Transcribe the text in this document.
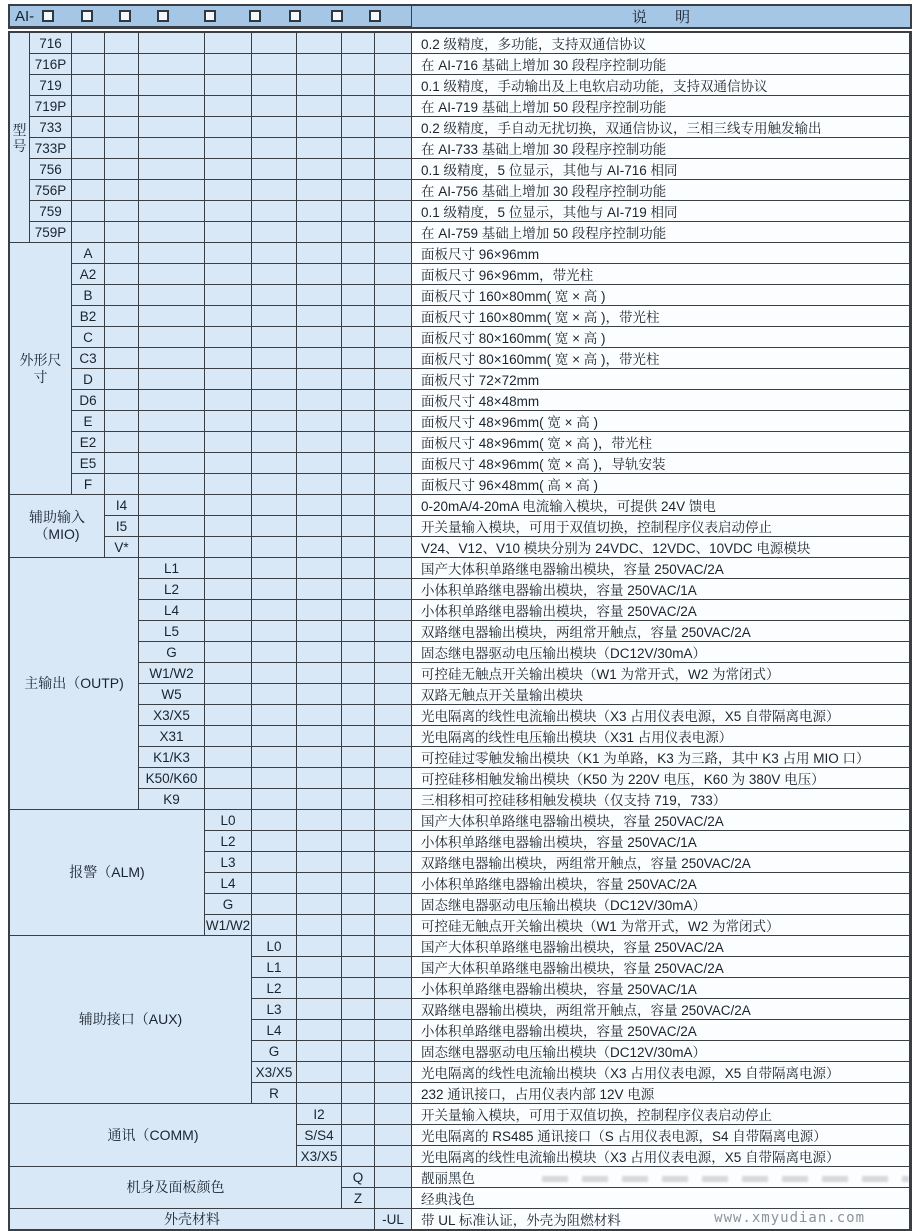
AI-	说 明
型号
716	0.2 级精度，多功能，支持双通信协议
716P	在 AI-716 基础上增加 30 段程序控制功能
719	0.1 级精度，手动输出及上电软启动功能，支持双通信协议
719P	在 AI-719 基础上增加 50 段程序控制功能
733	0.2 级精度，手自动无扰切换，双通信协议，三相三线专用触发输出
733P	在 AI-733 基础上增加 30 段程序控制功能
756	0.1 级精度，5 位显示，其他与 AI-716 相同
756P	在 AI-756 基础上增加 30 段程序控制功能
759	0.1 级精度，5 位显示，其他与 AI-719 相同
759P	在 AI-759 基础上增加 50 段程序控制功能
外形尺寸
A	面板尺寸 96×96mm
A2	面板尺寸 96×96mm，带光柱
B	面板尺寸 160×80mm( 宽 × 高 )
B2	面板尺寸 160×80mm( 宽 × 高 )，带光柱
C	面板尺寸 80×160mm( 宽 × 高 )
C3	面板尺寸 80×160mm( 宽 × 高 )，带光柱
D	面板尺寸 72×72mm
D6	面板尺寸 48×48mm
E	面板尺寸 48×96mm( 宽 × 高 )
E2	面板尺寸 48×96mm( 宽 × 高 )，带光柱
E5	面板尺寸 48×96mm( 宽 × 高 )，导轨安装
F	面板尺寸 96×48mm( 高 × 高 )
辅助输入
（MIO)
I4	0-20mA/4-20mA 电流输入模块，可提供 24V 馈电
I5	开关量输入模块，可用于双值切换，控制程序仪表启动停止
V*	V24、V12、V10 模块分别为 24VDC、12VDC、10VDC 电源模块
主输出（OUTP)
L1	国产大体积单路继电器输出模块，容量 250VAC/2A
L2	小体积单路继电器输出模块，容量 250VAC/1A
L4	小体积单路继电器输出模块，容量 250VAC/2A
L5	双路继电器输出模块，两组常开触点，容量 250VAC/2A
G	固态继电器驱动电压输出模块（DC12V/30mA）
W1/W2	可控硅无触点开关输出模块（W1 为常开式，W2 为常闭式）
W5	双路无触点开关量输出模块
X3/X5	光电隔离的线性电流输出模块（X3 占用仪表电源，X5 自带隔离电源）
X31	光电隔离的线性电压输出模块（X31 占用仪表电源）
K1/K3	可控硅过零触发输出模块（K1 为单路，K3 为三路，其中 K3 占用 MIO 口）
K50/K60	可控硅移相触发输出模块（K50 为 220V 电压，K60 为 380V 电压）
K9	三相移相可控硅移相触发模块（仅支持 719，733）
报警（ALM)
L0	国产大体积单路继电器输出模块，容量 250VAC/2A
L2	小体积单路继电器输出模块，容量 250VAC/1A
L3	双路继电器输出模块，两组常开触点，容量 250VAC/2A
L4	小体积单路继电器输出模块，容量 250VAC/2A
G	固态继电器驱动电压输出模块（DC12V/30mA）
W1/W2	可控硅无触点开关输出模块（W1 为常开式，W2 为常闭式）
辅助接口（AUX)
L0	国产大体积单路继电器输出模块，容量 250VAC/2A
L1	国产大体积单路继电器输出模块，容量 250VAC/2A
L2	小体积单路继电器输出模块，容量 250VAC/1A
L3	双路继电器输出模块，两组常开触点，容量 250VAC/2A
L4	小体积单路继电器输出模块，容量 250VAC/2A
G	固态继电器驱动电压输出模块（DC12V/30mA）
X3/X5	光电隔离的线性电流输出模块（X3 占用仪表电源，X5 自带隔离电源）
R	232 通讯接口，占用仪表内部 12V 电源
通讯（COMM)
I2	开关量输入模块，可用于双值切换，控制程序仪表启动停止
S/S4	光电隔离的 RS485 通讯接口（S 占用仪表电源，S4 自带隔离电源）
X3/X5	光电隔离的线性电流输出模块（X3 占用仪表电源，X5 自带隔离电源）
机身及面板颜色
Q	靓丽黑色
Z	经典浅色
外壳材料	-UL	带 UL 标准认证，外壳为阻燃材料	www.xmyudian.com
